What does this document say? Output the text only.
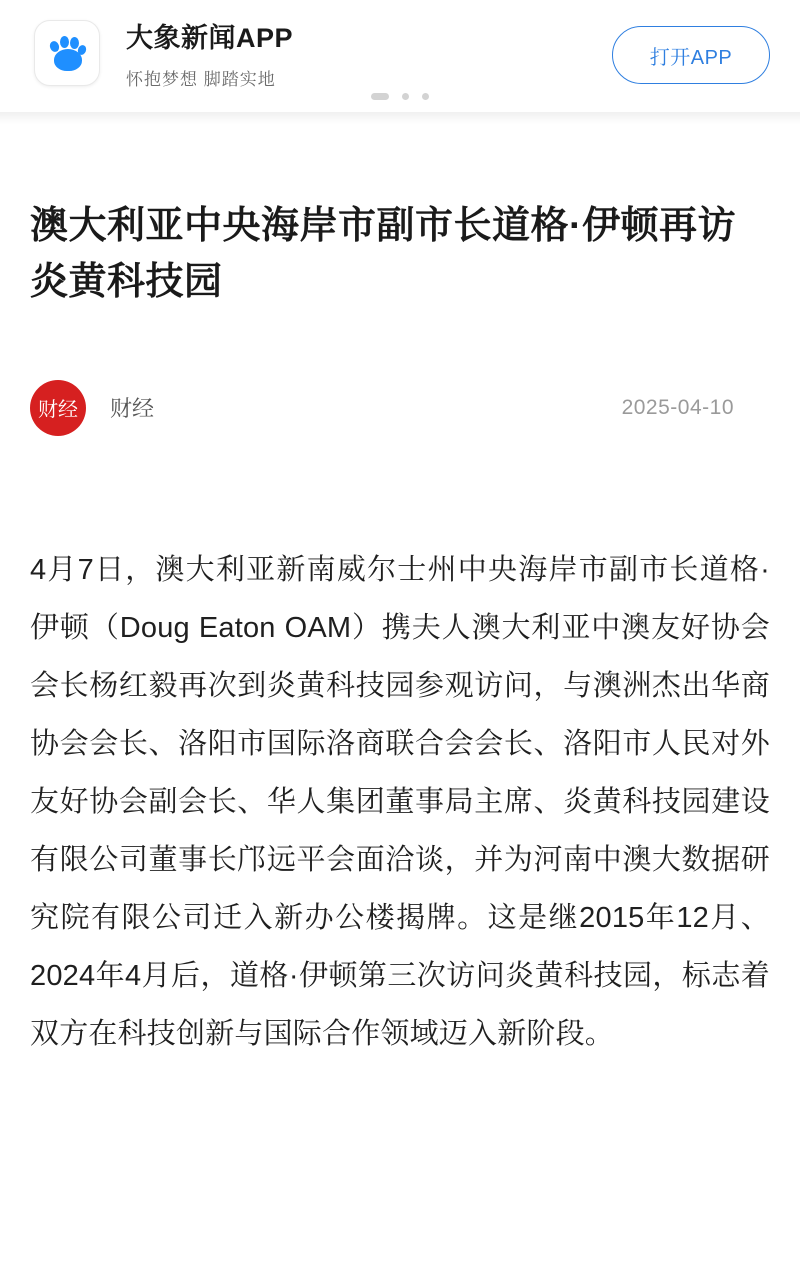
大象新闻APP
怀抱梦想 脚踏实地
打开APP
澳大利亚中央海岸市副市长道格·伊顿再访炎黄科技园
财经	财经	2025-04-10
4月7日，澳大利亚新南威尔士州中央海岸市副市长道格·伊顿（Doug Eaton OAM）携夫人澳大利亚中澳友好协会会长杨红毅再次到炎黄科技园参观访问，与澳洲杰出华商协会会长、洛阳市国际洛商联合会会长、洛阳市人民对外友好协会副会长、华人集团董事局主席、炎黄科技园建设有限公司董事长邝远平会面洽谈，并为河南中澳大数据研究院有限公司迁入新办公楼揭牌。这是继2015年12月、2024年4月后，道格·伊顿第三次访问炎黄科技园，标志着双方在科技创新与国际合作领域迈入新阶段。
